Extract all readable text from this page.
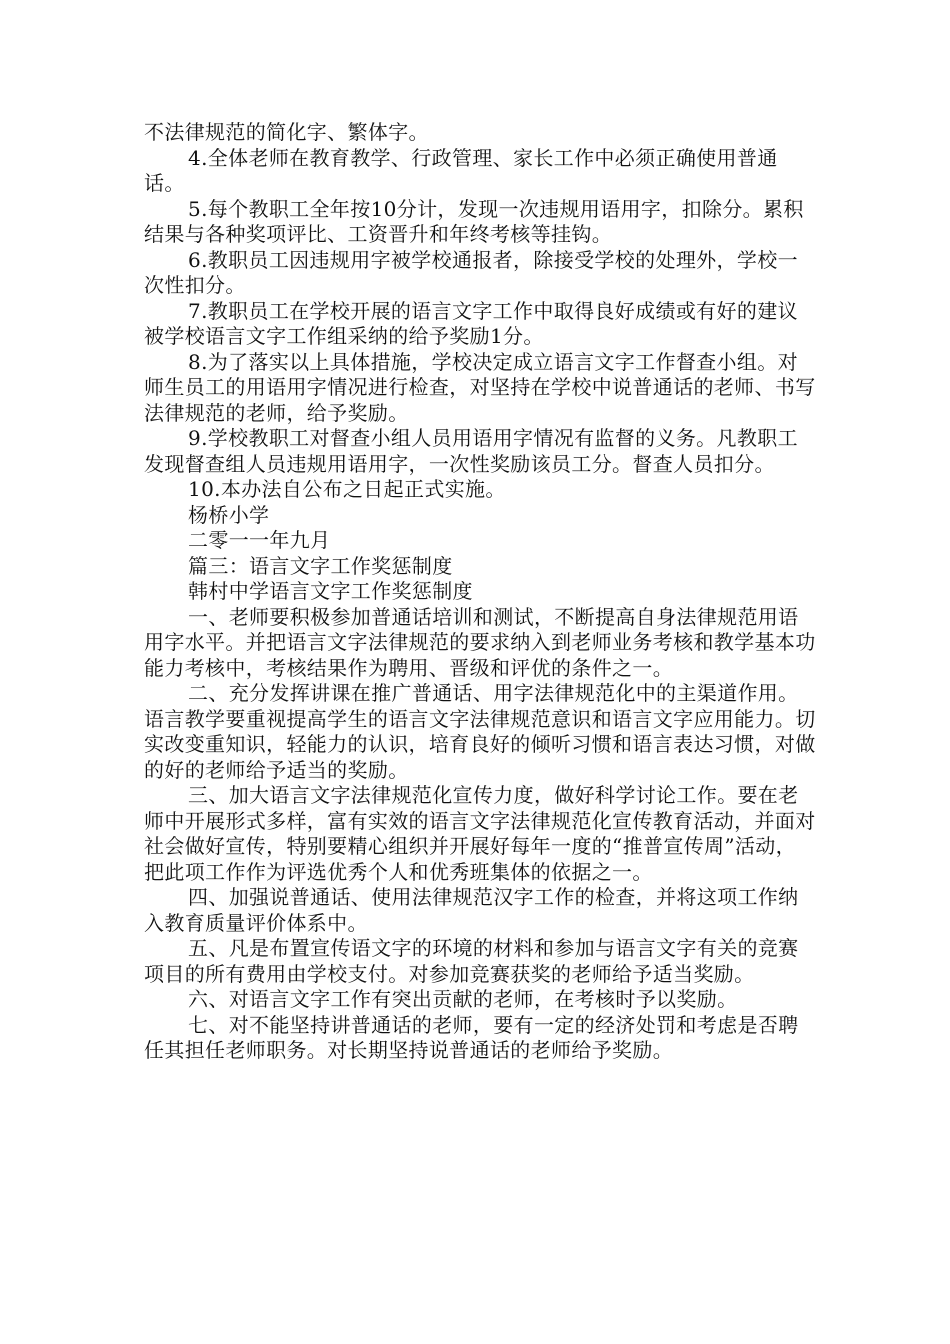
不法律规范的简化字、繁体字。

4.全体老师在教育教学、行政管理、家长工作中必须正确使用普通话。

5.每个教职工全年按10分计，发现一次违规用语用字，扣除分。累积结果与各种奖项评比、工资晋升和年终考核等挂钩。

6.教职员工因违规用字被学校通报者，除接受学校的处理外，学校一次性扣分。

7.教职员工在学校开展的语言文字工作中取得良好成绩或有好的建议被学校语言文字工作组采纳的给予奖励1分。

8.为了落实以上具体措施，学校决定成立语言文字工作督查小组。对师生员工的用语用字情况进行检查，对坚持在学校中说普通话的老师、书写法律规范的老师，给予奖励。

9.学校教职工对督查小组人员用语用字情况有监督的义务。凡教职工发现督查组人员违规用语用字，一次性奖励该员工分。督查人员扣分。

10.本办法自公布之日起正式实施。

杨桥小学

二零一一年九月

篇三：语言文字工作奖惩制度

韩村中学语言文字工作奖惩制度

一、老师要积极参加普通话培训和测试，不断提高自身法律规范用语用字水平。并把语言文字法律规范的要求纳入到老师业务考核和教学基本功能力考核中，考核结果作为聘用、晋级和评优的条件之一。

二、充分发挥讲课在推广普通话、用字法律规范化中的主渠道作用。语言教学要重视提高学生的语言文字法律规范意识和语言文字应用能力。切实改变重知识，轻能力的认识，培育良好的倾听习惯和语言表达习惯，对做的好的老师给予适当的奖励。

三、加大语言文字法律规范化宣传力度，做好科学讨论工作。要在老师中开展形式多样，富有实效的语言文字法律规范化宣传教育活动，并面对社会做好宣传，特别要精心组织并开展好每年一度的“推普宣传周”活动，把此项工作作为评选优秀个人和优秀班集体的依据之一。

四、加强说普通话、使用法律规范汉字工作的检查，并将这项工作纳入教育质量评价体系中。

五、凡是布置宣传语文字的环境的材料和参加与语言文字有关的竞赛项目的所有费用由学校支付。对参加竞赛获奖的老师给予适当奖励。

六、对语言文字工作有突出贡献的老师，在考核时予以奖励。

七、对不能坚持讲普通话的老师，要有一定的经济处罚和考虑是否聘任其担任老师职务。对长期坚持说普通话的老师给予奖励。
